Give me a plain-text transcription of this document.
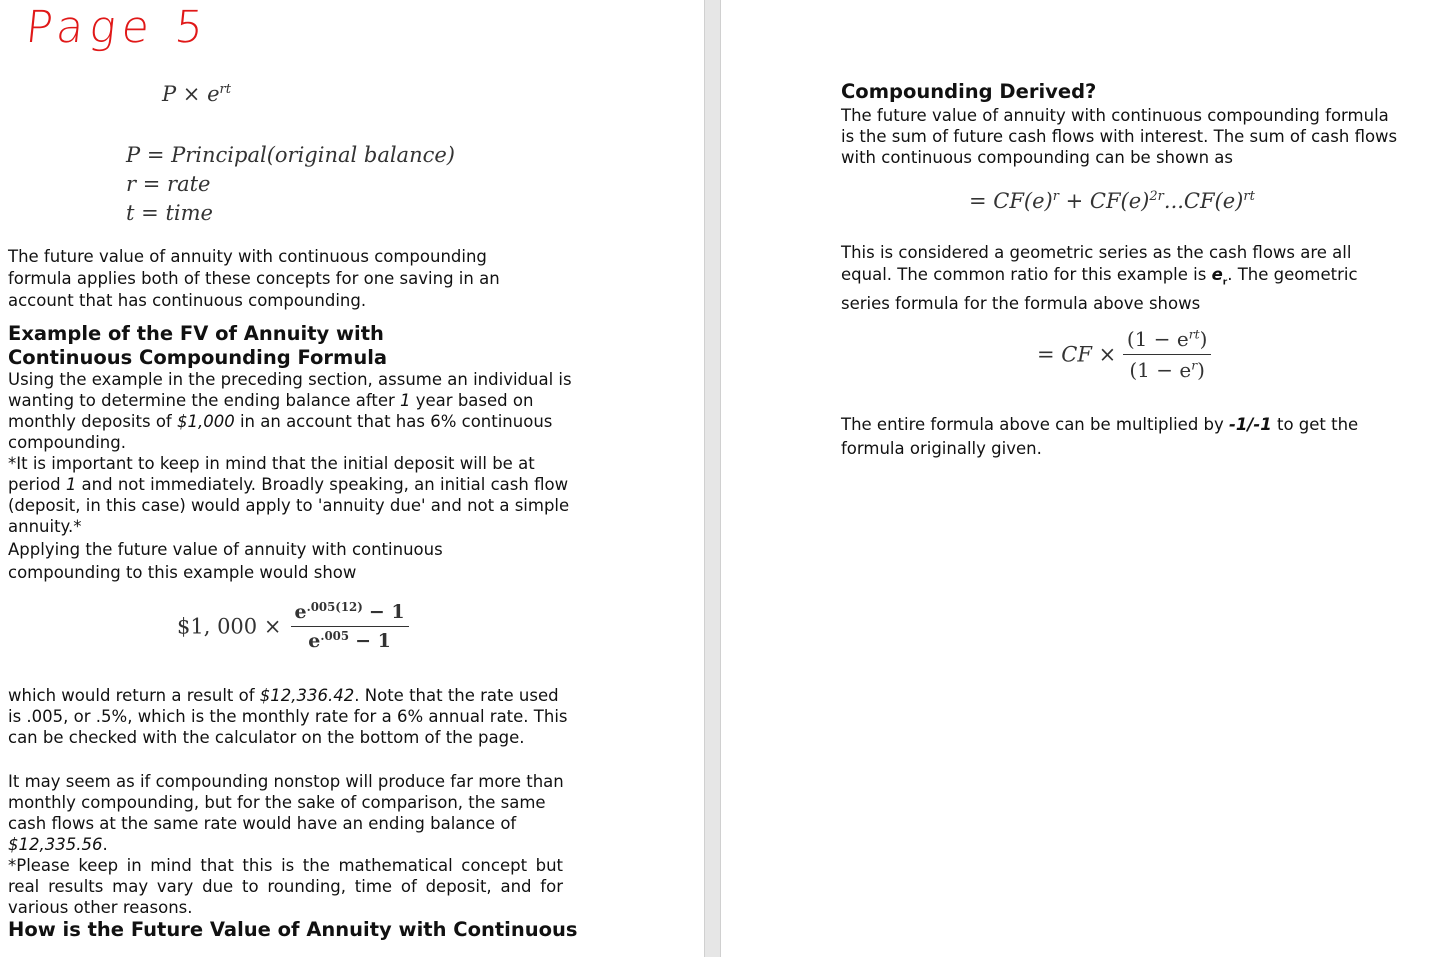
Page 5
$P \times e^{rt}$
P = Principal(original balance)
r = rate
t = time
The future value of annuity with continuous compounding formula applies both of these concepts for one saving in an account that has continuous compounding.
Example of the FV of Annuity with
Continuous Compounding Formula
Using the example in the preceding section, assume an individual is wanting to determine the ending balance after 1 year based on monthly deposits of $1,000 in an account that has 6% continuous compounding.
*It is important to keep in mind that the initial deposit will be at period 1 and not immediately. Broadly speaking, an initial cash flow (deposit, in this case) would apply to 'annuity due' and not a simple annuity.*
Applying the future value of annuity with continuous compounding to this example would show
$1, $000 \times \frac{e^{.005(12)} - 1}{e^{.005} - 1}$
which would return a result of $12,336.42. Note that the rate used is .005, or .5%, which is the monthly rate for a 6% annual rate. This can be checked with the calculator on the bottom of the page.
It may seem as if compounding nonstop will produce far more than monthly compounding, but for the sake of comparison, the same cash flows at the same rate would have an ending balance of $12,335.56.
*Please keep in mind that this is the mathematical concept but real results may vary due to rounding, time of deposit, and for various other reasons.
How is the Future Value of Annuity with Continuous
Compounding Derived?
The future value of annuity with continuous compounding formula is the sum of future cash flows with interest. The sum of cash flows with continuous compounding can be shown as
= $CF(e)^r + CF(e)^{2r}...CF(e)^{rt}$
This is considered a geometric series as the cash flows are all equal. The common ratio for this example is $e_r$. The geometric series formula for the formula above shows
= CF × $\frac{(1 - e^{rt})}{(1 - e^r)}$
The entire formula above can be multiplied by -1/-1 to get the formula originally given.
